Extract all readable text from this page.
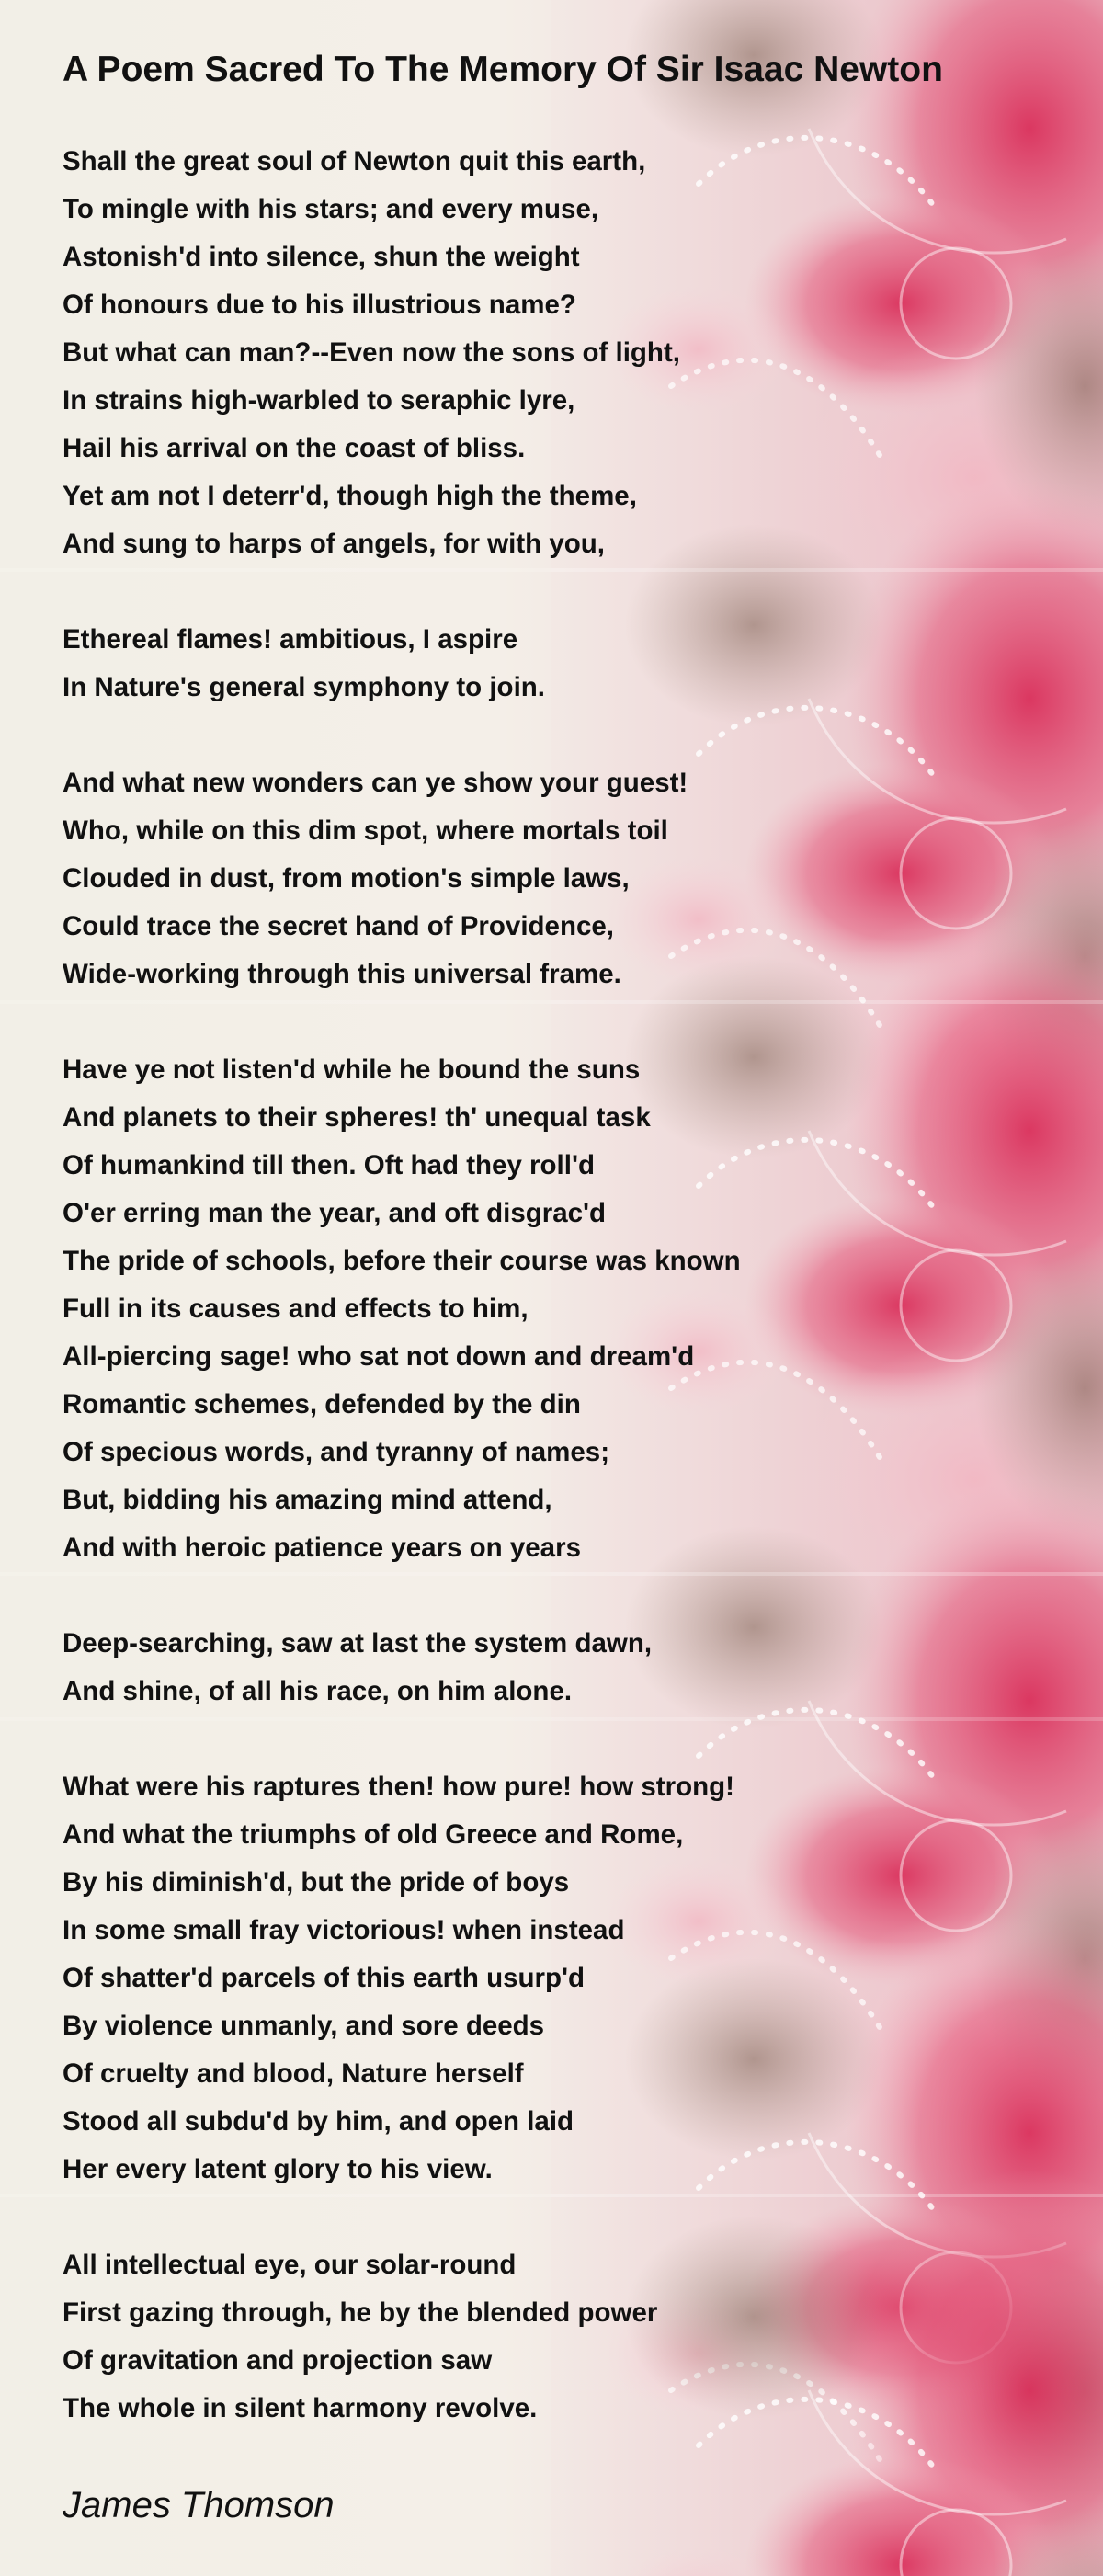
A Poem Sacred To The Memory Of Sir Isaac Newton
Shall the great soul of Newton quit this earth,
To mingle with his stars; and every muse,
Astonish'd into silence, shun the weight
Of honours due to his illustrious name?
But what can man?--Even now the sons of light,
In strains high-warbled to seraphic lyre,
Hail his arrival on the coast of bliss.
Yet am not I deterr'd, though high the theme,
And sung to harps of angels, for with you,
Ethereal flames! ambitious, I aspire
In Nature's general symphony to join.
And what new wonders can ye show your guest!
Who, while on this dim spot, where mortals toil
Clouded in dust, from motion's simple laws,
Could trace the secret hand of Providence,
Wide-working through this universal frame.
Have ye not listen'd while he bound the suns
And planets to their spheres! th' unequal task
Of humankind till then. Oft had they roll'd
O'er erring man the year, and oft disgrac'd
The pride of schools, before their course was known
Full in its causes and effects to him,
All-piercing sage! who sat not down and dream'd
Romantic schemes, defended by the din
Of specious words, and tyranny of names;
But, bidding his amazing mind attend,
And with heroic patience years on years
Deep-searching, saw at last the system dawn,
And shine, of all his race, on him alone.
What were his raptures then! how pure! how strong!
And what the triumphs of old Greece and Rome,
By his diminish'd, but the pride of boys
In some small fray victorious! when instead
Of shatter'd parcels of this earth usurp'd
By violence unmanly, and sore deeds
Of cruelty and blood, Nature herself
Stood all subdu'd by him, and open laid
Her every latent glory to his view.
All intellectual eye, our solar-round
First gazing through, he by the blended power
Of gravitation and projection saw
The whole in silent harmony revolve.
James Thomson
